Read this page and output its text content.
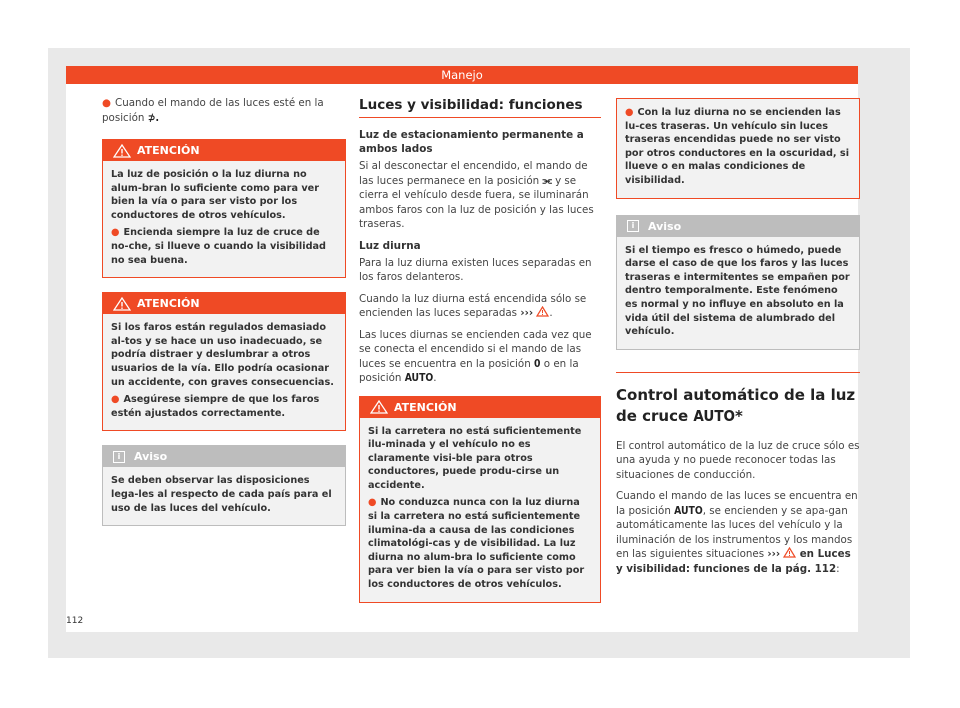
Manejo

● Cuando el mando de las luces esté en la posición ⊅.

ATENCIÓN

La luz de posición o la luz diurna no alum-bran lo suficiente como para ver bien la vía o para ser visto por los conductores de otros vehículos.

● Encienda siempre la luz de cruce de no-che, si llueve o cuando la visibilidad no sea buena.

ATENCIÓN

Si los faros están regulados demasiado al-tos y se hace un uso inadecuado, se podría distraer y deslumbrar a otros usuarios de la vía. Ello podría ocasionar un accidente, con graves consecuencias.

● Asegúrese siempre de que los faros estén ajustados correctamente.

i	Aviso

Se deben observar las disposiciones lega-les al respecto de cada país para el uso de las luces del vehículo.

Luces y visibilidad: funciones
Luz de estacionamiento permanente a ambos lados

Si al desconectar el encendido, el mando de las luces permanece en la posición ⫘ y se cierra el vehículo desde fuera, se iluminarán ambos faros con la luz de posición y las luces traseras.

Luz diurna

Para la luz diurna existen luces separadas en los faros delanteros.

Cuando la luz diurna está encendida sólo se encienden las luces separadas ››› .

Las luces diurnas se encienden cada vez que se conecta el encendido si el mando de las luces se encuentra en la posición 0 o en la posición AUTO.

ATENCIÓN

Si la carretera no está suficientemente ilu-minada y el vehículo no es claramente visi-ble para otros conductores, puede produ-cirse un accidente.

● No conduzca nunca con la luz diurna si la carretera no está suficientemente ilumina-da a causa de las condiciones climatológi-cas y de visibilidad. La luz diurna no alum-bra lo suficiente como para ver bien la vía o para ser visto por los conductores de otros vehículos.

● Con la luz diurna no se encienden las lu-ces traseras. Un vehículo sin luces traseras encendidas puede no ser visto por otros conductores en la oscuridad, si llueve o en malas condiciones de visibilidad.

i	Aviso

Si el tiempo es fresco o húmedo, puede darse el caso de que los faros y las luces traseras e intermitentes se empañen por dentro temporalmente. Este fenómeno es normal y no influye en absoluto en la vida útil del sistema de alumbrado del vehículo.

Control automático de la luz de cruce AUTO*

El control automático de la luz de cruce sólo es una ayuda y no puede reconocer todas las situaciones de conducción.

Cuando el mando de las luces se encuentra en la posición AUTO, se encienden y se apa-gan automáticamente las luces del vehículo y la iluminación de los instrumentos y los mandos en las siguientes situaciones ››› en Luces y visibilidad: funciones de la pág. 112:

112
